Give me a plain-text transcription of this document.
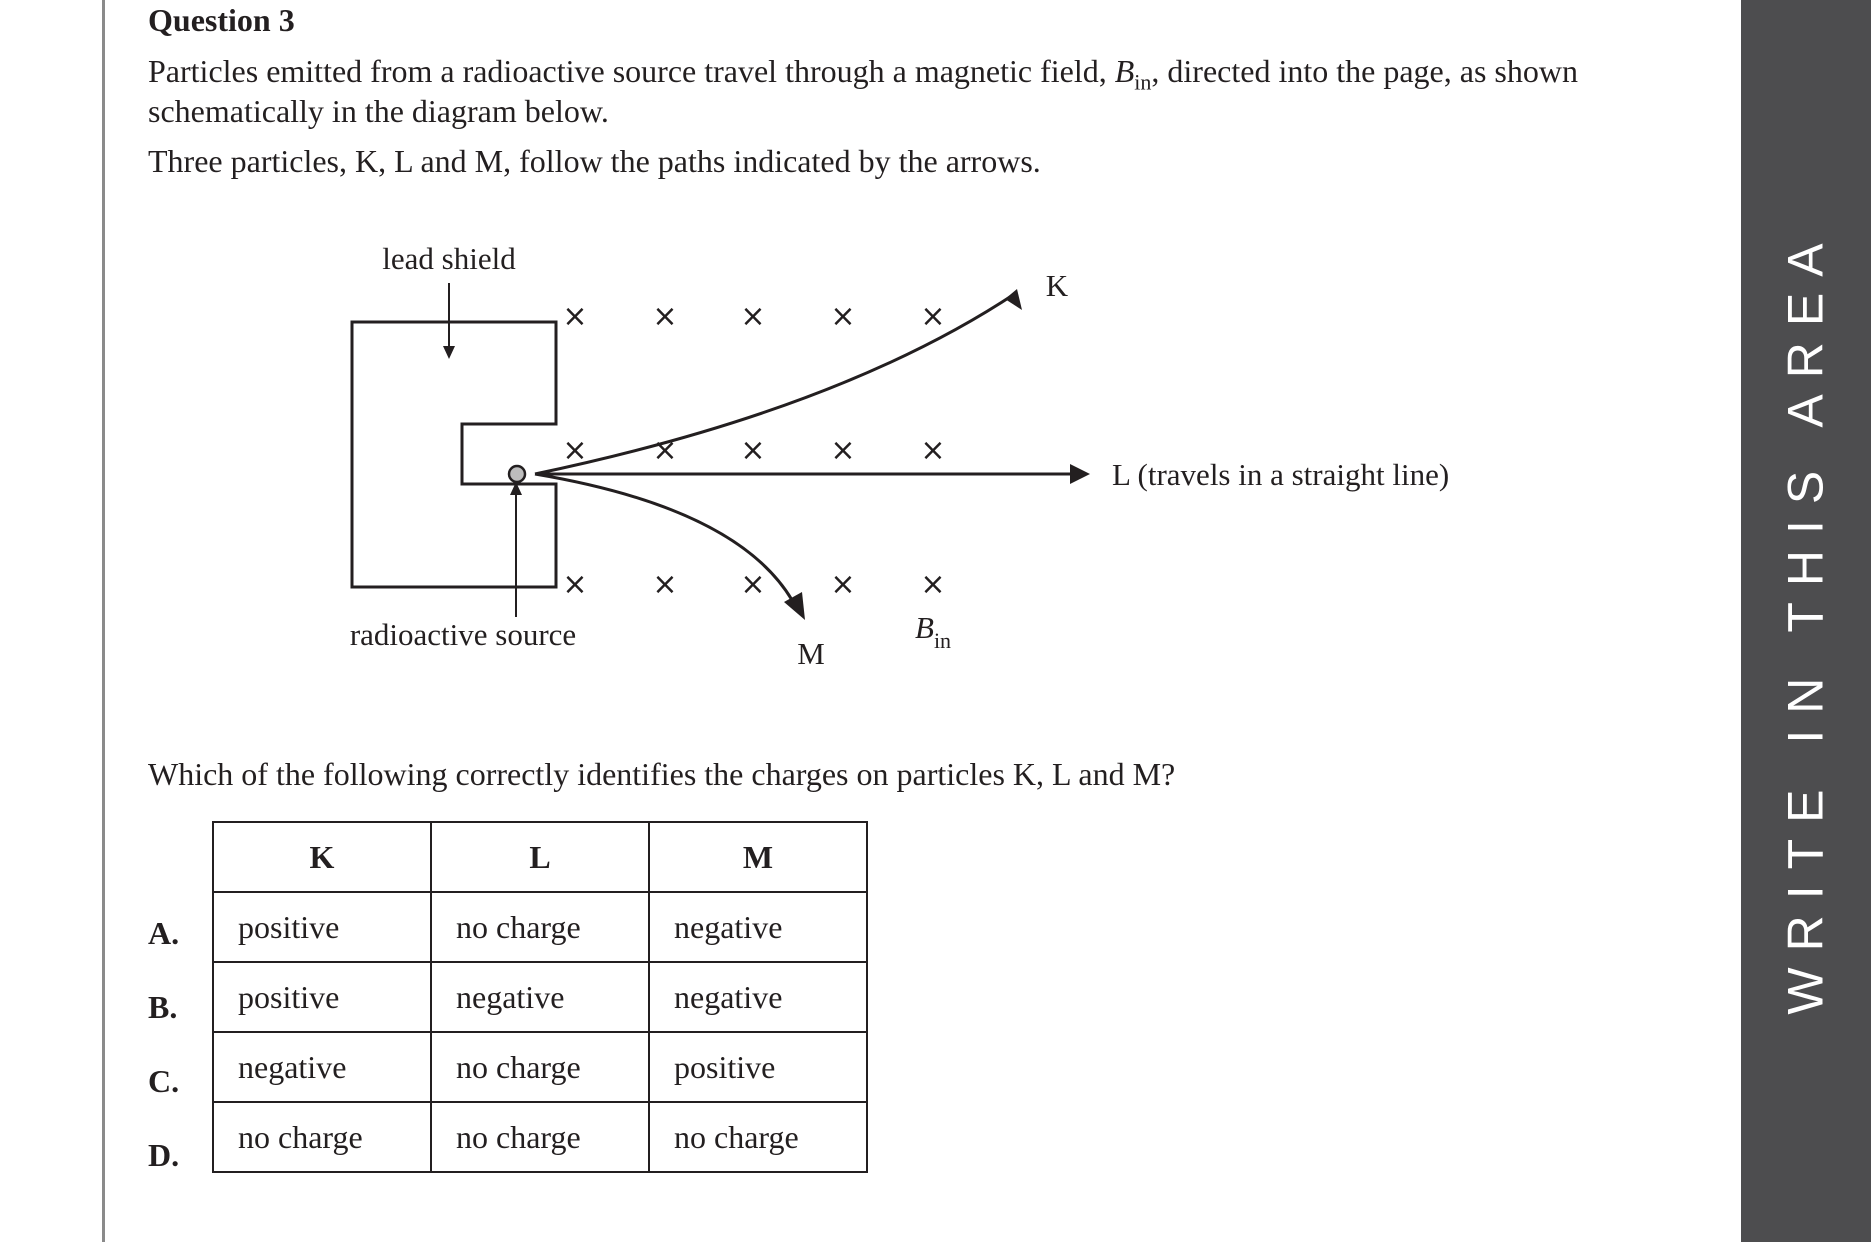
Question 3

Particles emitted from a radioactive source travel through a magnetic field, $B_{in}$, directed into the page, as shown

schematically in the diagram below.

Three particles, K, L and M, follow the paths indicated by the arrows.

× × × × ×
× × × × ×
× × × × ×
lead shield
radioactive source
K
L (travels in a straight line)
M
$B_{in}$

Which of the following correctly identifies the charges on particles K, L and M?

A.
B.
C.
D.
K	L	M
positive	no charge	negative
positive	negative	negative
negative	no charge	positive
no charge	no charge	no charge
WRITE IN THIS AREA
